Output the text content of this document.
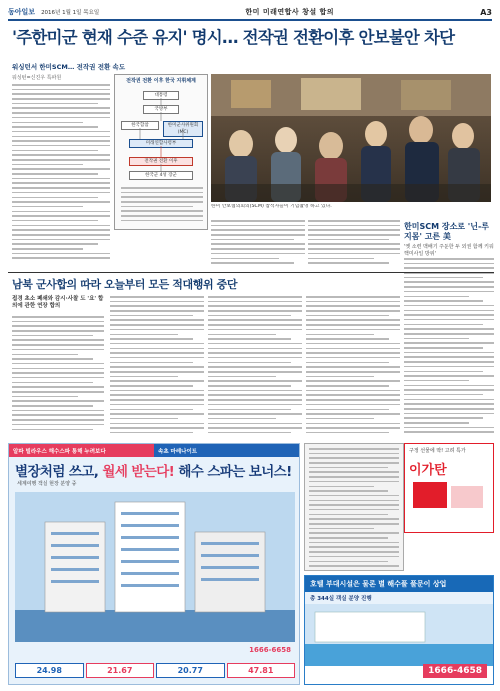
동아일보 2016년 1월 1일 목요일	한미 미래연합사 창설 합의	A3
'주한미군 현재 수준 유지' 명시… 전작권 전환이후 안보불안 차단
워싱턴서 한미SCM… 전작권 전환 속도
워싱턴=신진우 특파원	전작권 전환 이후 한국 지휘체계
대통령
국방부
한국합참	한미군사위원회(MC)
미래연합사령부
전작권 전환 이후
한국군 4성 장군
한미 안보협의회의(SCM) 참석자들이 기념촬영 하고 있다.
한미SCM 장소로 '닌-루지몸' 고른 美
'옛 소련 맥배기 주둔한 두 외권 함께 키워 핵미사일 방위'
남북 군사합의 따라 오늘부터 모든 적대행위 중단
접경 초소 폐쇄와 감시·사찰 도 '요' 합의에 관한 연장 합의
알파 빌라우스 해수스파 통해 누려보다	속초 마레나이트
별장처럼 쓰고, 월세 받는다! 해수 스파는 보너스!
세계여행 객실 현장 분양 중
1666-6658
24.98	21.67	20.77	47.81
구정 선물에 딱! 고려 특가
이가탄
호텔 부대시설은 물론 별 해수풀 풀문이 상업
총 344실 객실 분양 진행
1666-4658
